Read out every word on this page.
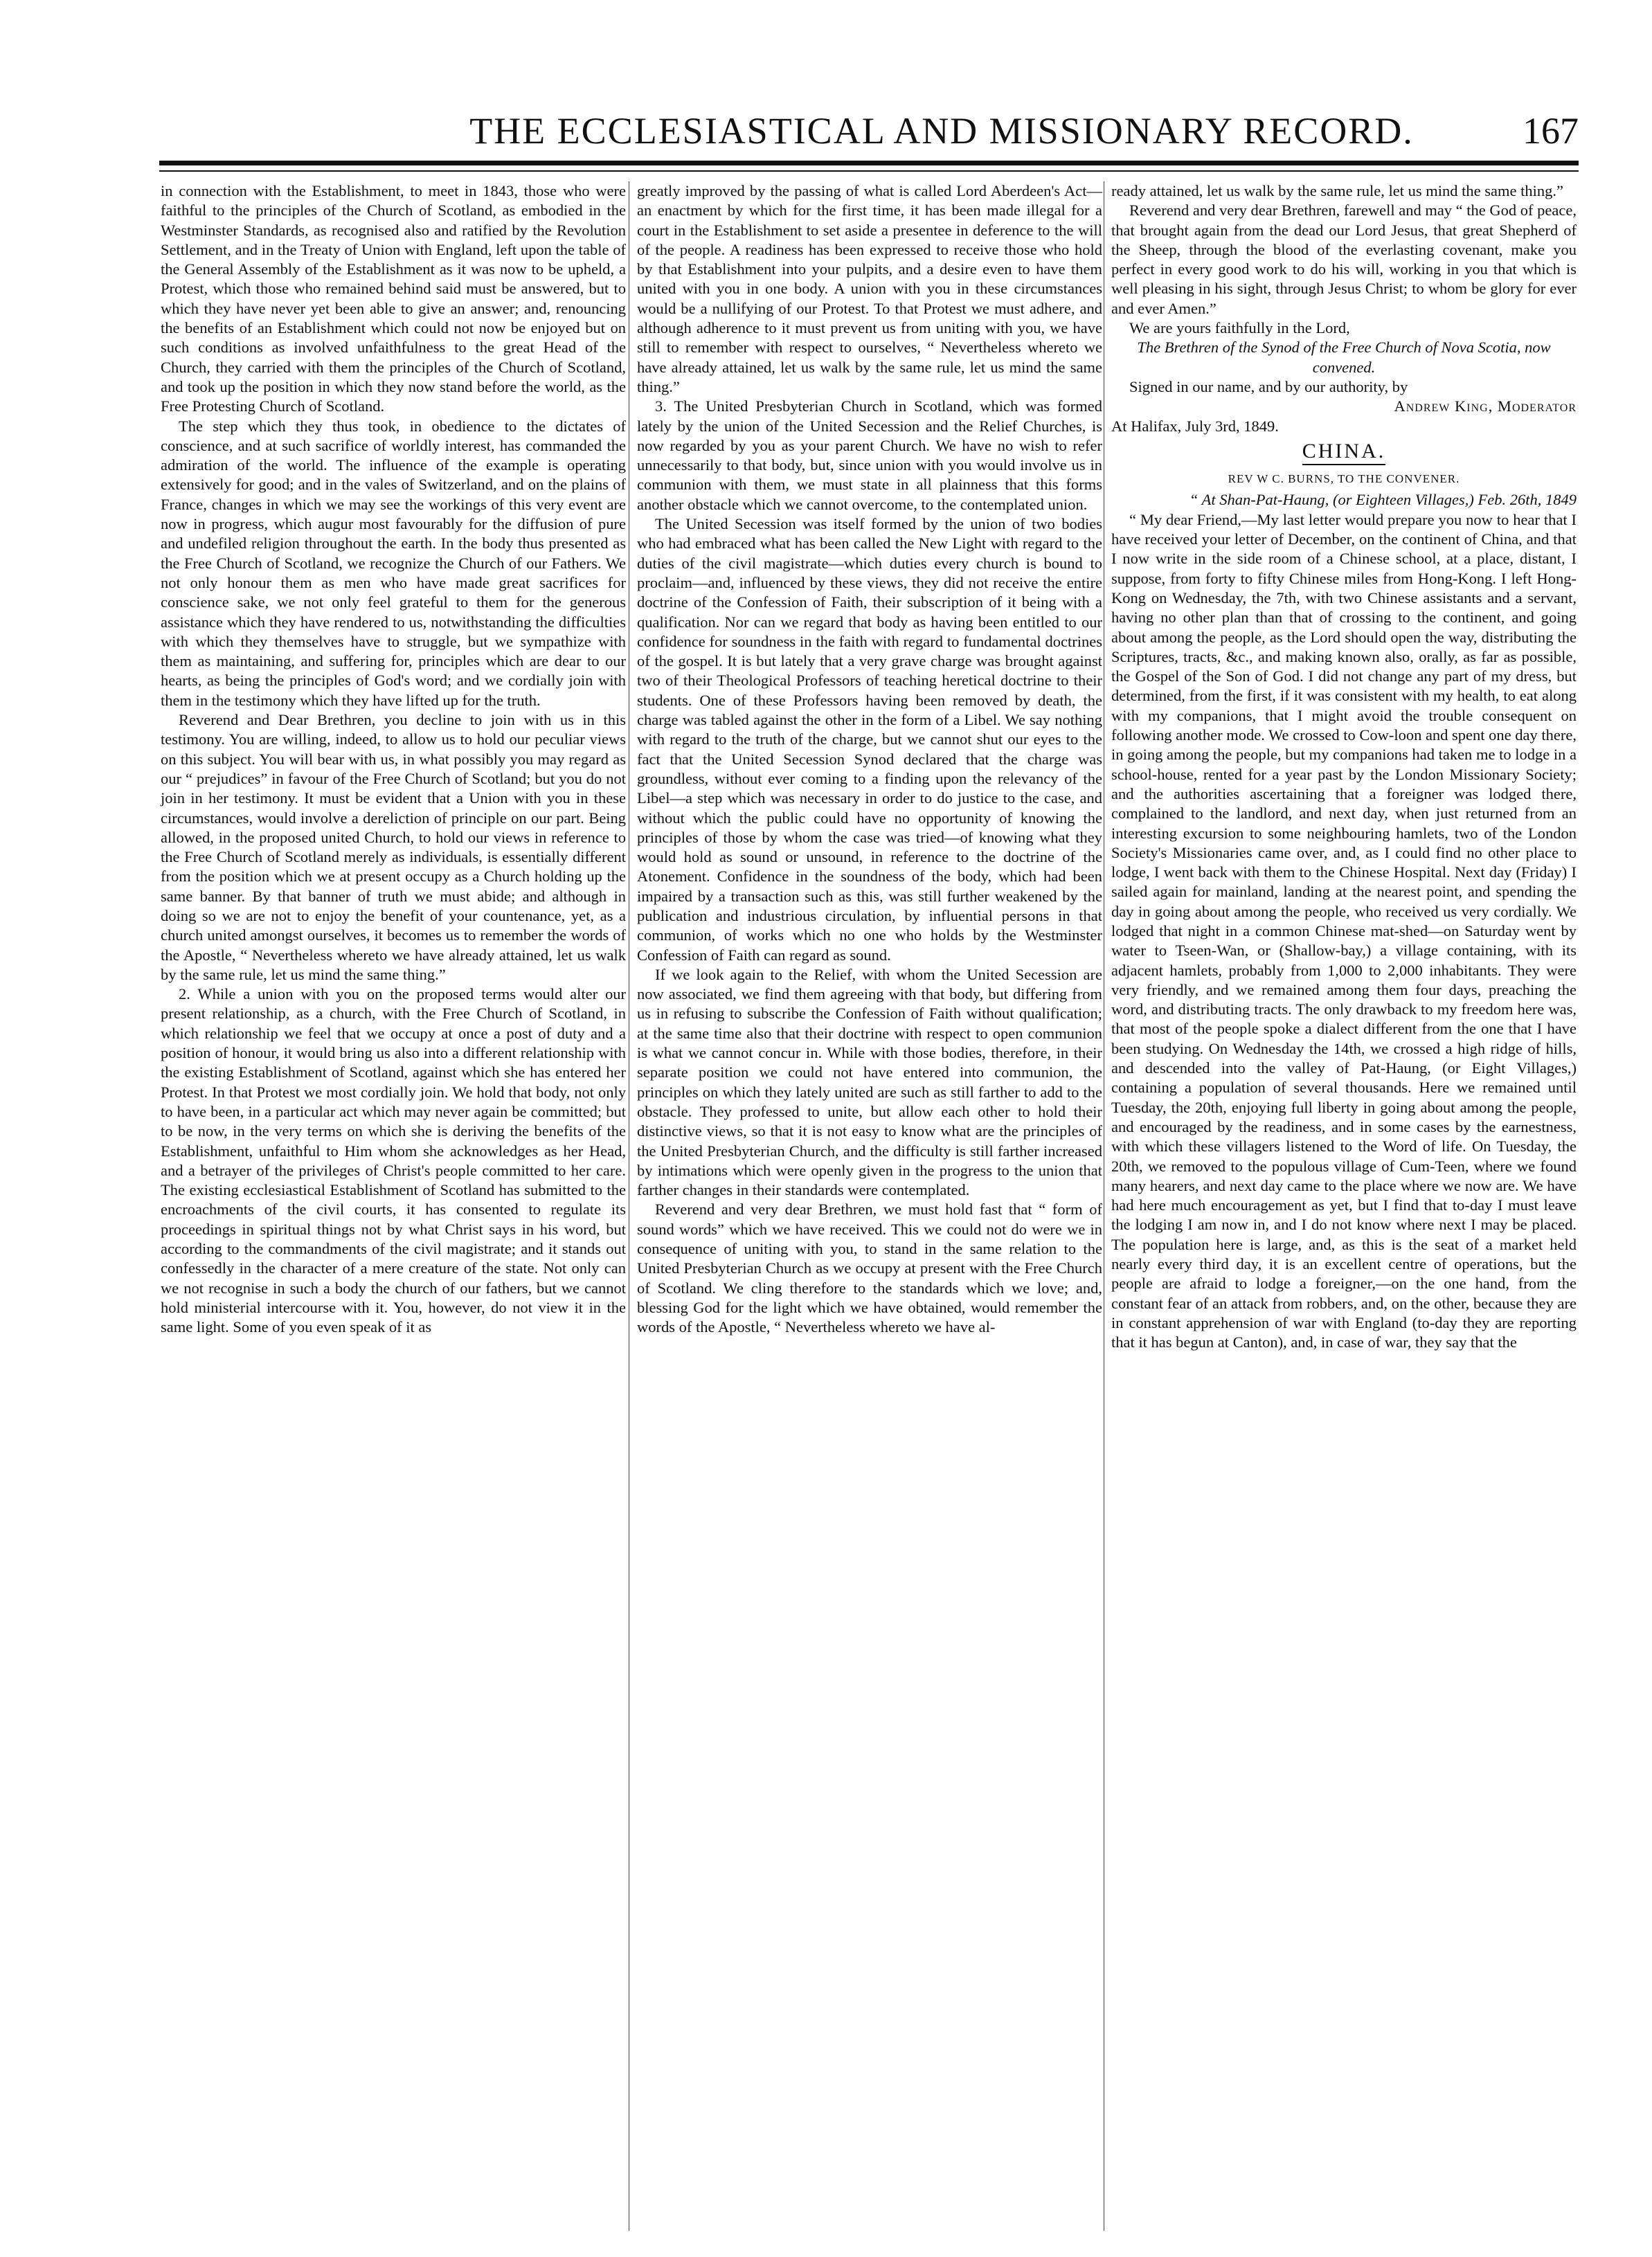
THE ECCLESIASTICAL AND MISSIONARY RECORD.	167

in connection with the Establishment, to meet in 1843, those who were faithful to the principles of the Church of Scotland, as embodied in the Westminster Standards, as recognised also and ratified by the Revolution Settlement, and in the Treaty of Union with England, left upon the table of the General Assembly of the Establishment as it was now to be upheld, a Protest, which those who remained behind said must be answered, but to which they have never yet been able to give an answer; and, renouncing the benefits of an Establishment which could not now be enjoyed but on such conditions as involved unfaithfulness to the great Head of the Church, they carried with them the principles of the Church of Scotland, and took up the position in which they now stand before the world, as the Free Protesting Church of Scotland.

The step which they thus took, in obedience to the dictates of conscience, and at such sacrifice of worldly interest, has commanded the admiration of the world. The influence of the example is operating extensively for good; and in the vales of Switzerland, and on the plains of France, changes in which we may see the workings of this very event are now in progress, which augur most favourably for the diffusion of pure and undefiled religion throughout the earth. In the body thus presented as the Free Church of Scotland, we recognize the Church of our Fathers. We not only honour them as men who have made great sacrifices for conscience sake, we not only feel grateful to them for the generous assistance which they have rendered to us, notwithstanding the difficulties with which they themselves have to struggle, but we sympathize with them as maintaining, and suffering for, principles which are dear to our hearts, as being the principles of God's word; and we cordially join with them in the testimony which they have lifted up for the truth.

Reverend and Dear Brethren, you decline to join with us in this testimony. You are willing, indeed, to allow us to hold our peculiar views on this subject. You will bear with us, in what possibly you may regard as our “ prejudices” in favour of the Free Church of Scotland; but you do not join in her testimony. It must be evident that a Union with you in these circumstances, would involve a dereliction of principle on our part. Being allowed, in the proposed united Church, to hold our views in reference to the Free Church of Scotland merely as individuals, is essentially different from the position which we at present occupy as a Church holding up the same banner. By that banner of truth we must abide; and although in doing so we are not to enjoy the benefit of your countenance, yet, as a church united amongst ourselves, it becomes us to remember the words of the Apostle, “ Nevertheless whereto we have already attained, let us walk by the same rule, let us mind the same thing.”

2. While a union with you on the proposed terms would alter our present relationship, as a church, with the Free Church of Scotland, in which relationship we feel that we occupy at once a post of duty and a position of honour, it would bring us also into a different relationship with the existing Establishment of Scotland, against which she has entered her Protest. In that Protest we most cordially join. We hold that body, not only to have been, in a particular act which may never again be committed; but to be now, in the very terms on which she is deriving the benefits of the Establishment, unfaithful to Him whom she acknowledges as her Head, and a betrayer of the privileges of Christ's people committed to her care. The existing ecclesiastical Establishment of Scotland has submitted to the encroachments of the civil courts, it has consented to regulate its proceedings in spiritual things not by what Christ says in his word, but according to the commandments of the civil magistrate; and it stands out confessedly in the character of a mere creature of the state. Not only can we not recognise in such a body the church of our fathers, but we cannot hold ministerial intercourse with it. You, however, do not view it in the same light. Some of you even speak of it as

greatly improved by the passing of what is called Lord Aberdeen's Act—an enactment by which for the first time, it has been made illegal for a court in the Establishment to set aside a presentee in deference to the will of the people. A readiness has been expressed to receive those who hold by that Establishment into your pulpits, and a desire even to have them united with you in one body. A union with you in these circumstances would be a nullifying of our Protest. To that Protest we must adhere, and although adherence to it must prevent us from uniting with you, we have still to remember with respect to ourselves, “ Nevertheless whereto we have already attained, let us walk by the same rule, let us mind the same thing.”

3. The United Presbyterian Church in Scotland, which was formed lately by the union of the United Secession and the Relief Churches, is now regarded by you as your parent Church. We have no wish to refer unnecessarily to that body, but, since union with you would involve us in communion with them, we must state in all plainness that this forms another obstacle which we cannot overcome, to the contemplated union.

The United Secession was itself formed by the union of two bodies who had embraced what has been called the New Light with regard to the duties of the civil magistrate—which duties every church is bound to proclaim—and, influenced by these views, they did not receive the entire doctrine of the Confession of Faith, their subscription of it being with a qualification. Nor can we regard that body as having been entitled to our confidence for soundness in the faith with regard to fundamental doctrines of the gospel. It is but lately that a very grave charge was brought against two of their Theological Professors of teaching heretical doctrine to their students. One of these Professors having been removed by death, the charge was tabled against the other in the form of a Libel. We say nothing with regard to the truth of the charge, but we cannot shut our eyes to the fact that the United Secession Synod declared that the charge was groundless, without ever coming to a finding upon the relevancy of the Libel—a step which was necessary in order to do justice to the case, and without which the public could have no opportunity of knowing the principles of those by whom the case was tried—of knowing what they would hold as sound or unsound, in reference to the doctrine of the Atonement. Confidence in the soundness of the body, which had been impaired by a transaction such as this, was still further weakened by the publication and industrious circulation, by influential persons in that communion, of works which no one who holds by the Westminster Confession of Faith can regard as sound.

If we look again to the Relief, with whom the United Secession are now associated, we find them agreeing with that body, but differing from us in refusing to subscribe the Confession of Faith without qualification; at the same time also that their doctrine with respect to open communion is what we cannot concur in. While with those bodies, therefore, in their separate position we could not have entered into communion, the principles on which they lately united are such as still farther to add to the obstacle. They professed to unite, but allow each other to hold their distinctive views, so that it is not easy to know what are the principles of the United Presbyterian Church, and the difficulty is still farther increased by intimations which were openly given in the progress to the union that farther changes in their standards were contemplated.

Reverend and very dear Brethren, we must hold fast that “ form of sound words” which we have received. This we could not do were we in consequence of uniting with you, to stand in the same relation to the United Presbyterian Church as we occupy at present with the Free Church of Scotland. We cling therefore to the standards which we love; and, blessing God for the light which we have obtained, would remember the words of the Apostle, “ Nevertheless whereto we have al-

ready attained, let us walk by the same rule, let us mind the same thing.”

Reverend and very dear Brethren, farewell and may “ the God of peace, that brought again from the dead our Lord Jesus, that great Shepherd of the Sheep, through the blood of the everlasting covenant, make you perfect in every good work to do his will, working in you that which is well pleasing in his sight, through Jesus Christ; to whom be glory for ever and ever Amen.”

We are yours faithfully in the Lord,

The Brethren of the Synod of the Free Church of Nova Scotia, now convened.

Signed in our name, and by our authority, by

Andrew King, Moderator

At Halifax, July 3rd, 1849.

CHINA.
REV W C. BURNS, TO THE CONVENER.

“ At Shan-Pat-Haung, (or Eighteen Villages,) Feb. 26th, 1849

“ My dear Friend,—My last letter would prepare you now to hear that I have received your letter of December, on the continent of China, and that I now write in the side room of a Chinese school, at a place, distant, I suppose, from forty to fifty Chinese miles from Hong-Kong. I left Hong-Kong on Wednesday, the 7th, with two Chinese assistants and a servant, having no other plan than that of crossing to the continent, and going about among the people, as the Lord should open the way, distributing the Scriptures, tracts, &c., and making known also, orally, as far as possible, the Gospel of the Son of God. I did not change any part of my dress, but determined, from the first, if it was consistent with my health, to eat along with my companions, that I might avoid the trouble consequent on following another mode. We crossed to Cow-loon and spent one day there, in going among the people, but my companions had taken me to lodge in a school-house, rented for a year past by the London Missionary Society; and the authorities ascertaining that a foreigner was lodged there, complained to the landlord, and next day, when just returned from an interesting excursion to some neighbouring hamlets, two of the London Society's Missionaries came over, and, as I could find no other place to lodge, I went back with them to the Chinese Hospital. Next day (Friday) I sailed again for mainland, landing at the nearest point, and spending the day in going about among the people, who received us very cordially. We lodged that night in a common Chinese mat-shed—on Saturday went by water to Tseen-Wan, or (Shallow-bay,) a village containing, with its adjacent hamlets, probably from 1,000 to 2,000 inhabitants. They were very friendly, and we remained among them four days, preaching the word, and distributing tracts. The only drawback to my freedom here was, that most of the people spoke a dialect different from the one that I have been studying. On Wednesday the 14th, we crossed a high ridge of hills, and descended into the valley of Pat-Haung, (or Eight Villages,) containing a population of several thousands. Here we remained until Tuesday, the 20th, enjoying full liberty in going about among the people, and encouraged by the readiness, and in some cases by the earnestness, with which these villagers listened to the Word of life. On Tuesday, the 20th, we removed to the populous village of Cum-Teen, where we found many hearers, and next day came to the place where we now are. We have had here much encouragement as yet, but I find that to-day I must leave the lodging I am now in, and I do not know where next I may be placed. The population here is large, and, as this is the seat of a market held nearly every third day, it is an excellent centre of operations, but the people are afraid to lodge a foreigner,—on the one hand, from the constant fear of an attack from robbers, and, on the other, because they are in constant apprehension of war with England (to-day they are reporting that it has begun at Canton), and, in case of war, they say that the
